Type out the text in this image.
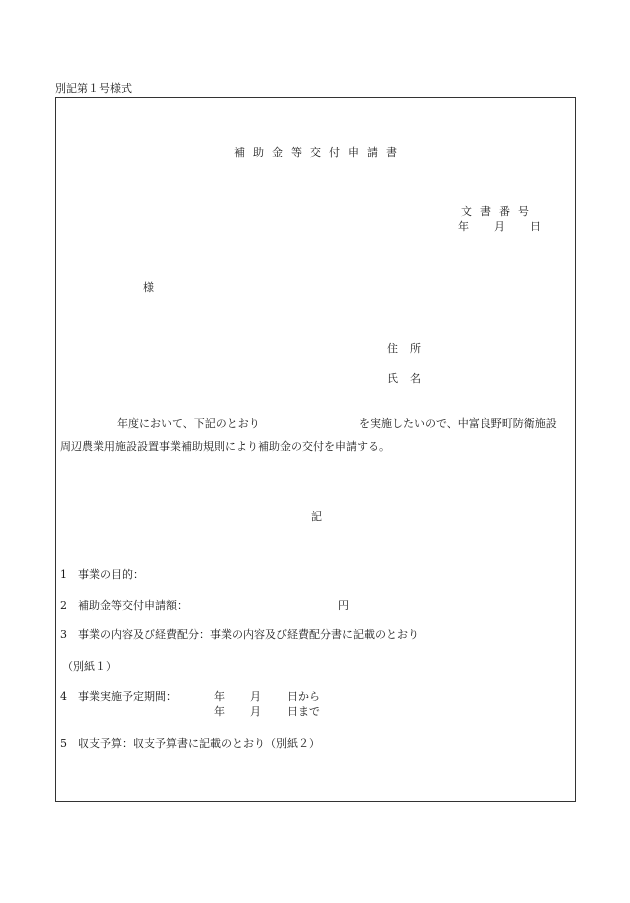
別記第１号様式
補助金等交付申請書
文書番号
年 月 日
様
住所
氏名
年度において、下記のとおり	を実施したいので、中富良野町防衛施設
周辺農業用施設設置事業補助規則により補助金の交付を申請する。
記
1　事業の目的：
2　補助金等交付申請額：	円
3　事業の内容及び経費配分：事業の内容及び経費配分書に記載のとおり
（別紙１）
4　事業実施予定期間：	年 月 日から
年 月 日まで
5　収支予算：収支予算書に記載のとおり（別紙２）
